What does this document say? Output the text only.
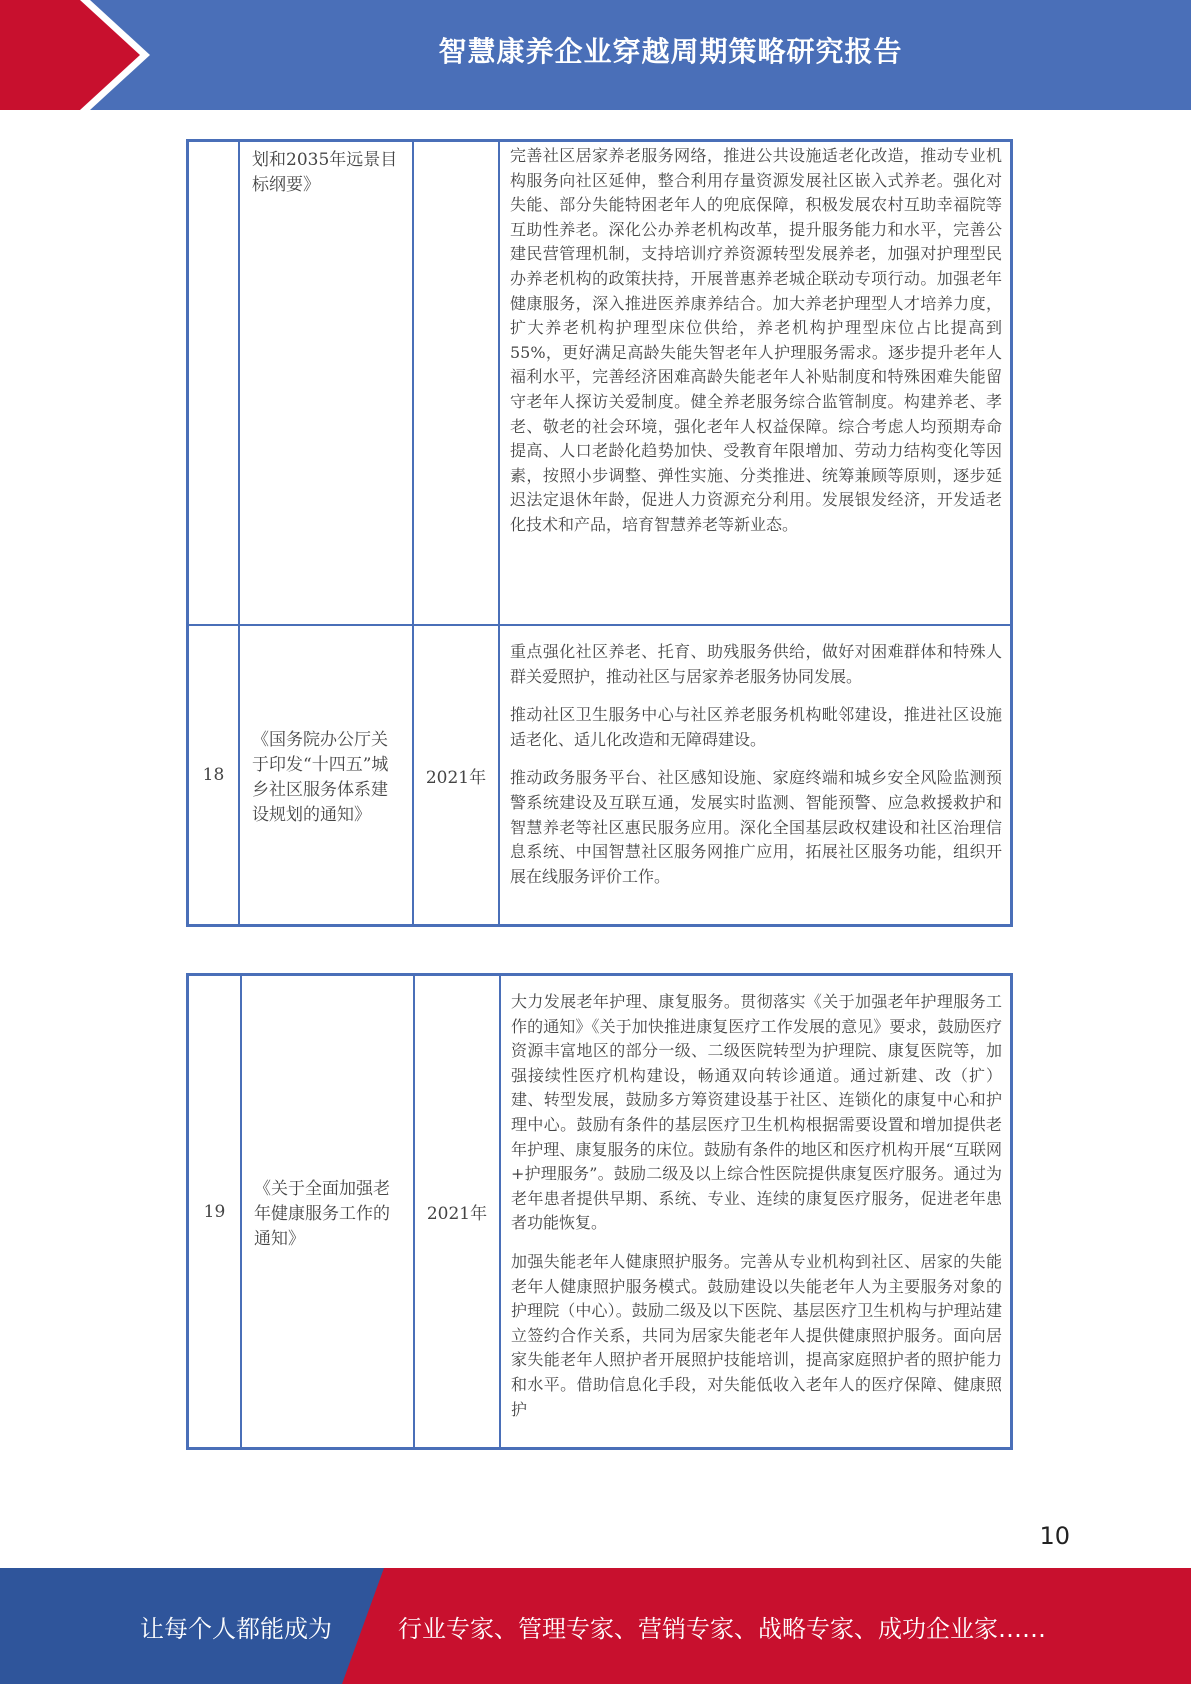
智慧康养企业穿越周期策略研究报告
划和2035年远景目标纲要》

完善社区居家养老服务网络，推进公共设施适老化改造，推动专业机构服务向社区延伸，整合利用存量资源发展社区嵌入式养老。强化对失能、部分失能特困老年人的兜底保障，积极发展农村互助幸福院等互助性养老。深化公办养老机构改革，提升服务能力和水平，完善公建民营管理机制，支持培训疗养资源转型发展养老，加强对护理型民办养老机构的政策扶持，开展普惠养老城企联动专项行动。加强老年健康服务，深入推进医养康养结合。加大养老护理型人才培养力度，扩大养老机构护理型床位供给，养老机构护理型床位占比提高到55%，更好满足高龄失能失智老年人护理服务需求。逐步提升老年人福利水平，完善经济困难高龄失能老年人补贴制度和特殊困难失能留守老年人探访关爱制度。健全养老服务综合监管制度。构建养老、孝老、敬老的社会环境，强化老年人权益保障。综合考虑人均预期寿命提高、人口老龄化趋势加快、受教育年限增加、劳动力结构变化等因素，按照小步调整、弹性实施、分类推进、统筹兼顾等原则，逐步延迟法定退休年龄，促进人力资源充分利用。发展银发经济，开发适老化技术和产品，培育智慧养老等新业态。

18
《国务院办公厅关于印发“十四五”城乡社区服务体系建设规划的通知》
2021年

重点强化社区养老、托育、助残服务供给，做好对困难群体和特殊人群关爱照护，推动社区与居家养老服务协同发展。

推动社区卫生服务中心与社区养老服务机构毗邻建设，推进社区设施适老化、适儿化改造和无障碍建设。

推动政务服务平台、社区感知设施、家庭终端和城乡安全风险监测预警系统建设及互联互通，发展实时监测、智能预警、应急救援救护和智慧养老等社区惠民服务应用。深化全国基层政权建设和社区治理信息系统、中国智慧社区服务网推广应用，拓展社区服务功能，组织开展在线服务评价工作。

19
《关于全面加强老年健康服务工作的通知》
2021年

大力发展老年护理、康复服务。贯彻落实《关于加强老年护理服务工作的通知》《关于加快推进康复医疗工作发展的意见》要求，鼓励医疗资源丰富地区的部分一级、二级医院转型为护理院、康复医院等，加强接续性医疗机构建设，畅通双向转诊通道。通过新建、改（扩）建、转型发展，鼓励多方筹资建设基于社区、连锁化的康复中心和护理中心。鼓励有条件的基层医疗卫生机构根据需要设置和增加提供老年护理、康复服务的床位。鼓励有条件的地区和医疗机构开展“互联网+护理服务”。鼓励二级及以上综合性医院提供康复医疗服务。通过为老年患者提供早期、系统、专业、连续的康复医疗服务，促进老年患者功能恢复。

加强失能老年人健康照护服务。完善从专业机构到社区、居家的失能老年人健康照护服务模式。鼓励建设以失能老年人为主要服务对象的护理院（中心）。鼓励二级及以下医院、基层医疗卫生机构与护理站建立签约合作关系，共同为居家失能老年人提供健康照护服务。面向居家失能老年人照护者开展照护技能培训，提高家庭照护者的照护能力和水平。借助信息化手段，对失能低收入老年人的医疗保障、健康照护

10
让每个人都能成为	行业专家、管理专家、营销专家、战略专家、成功企业家……
